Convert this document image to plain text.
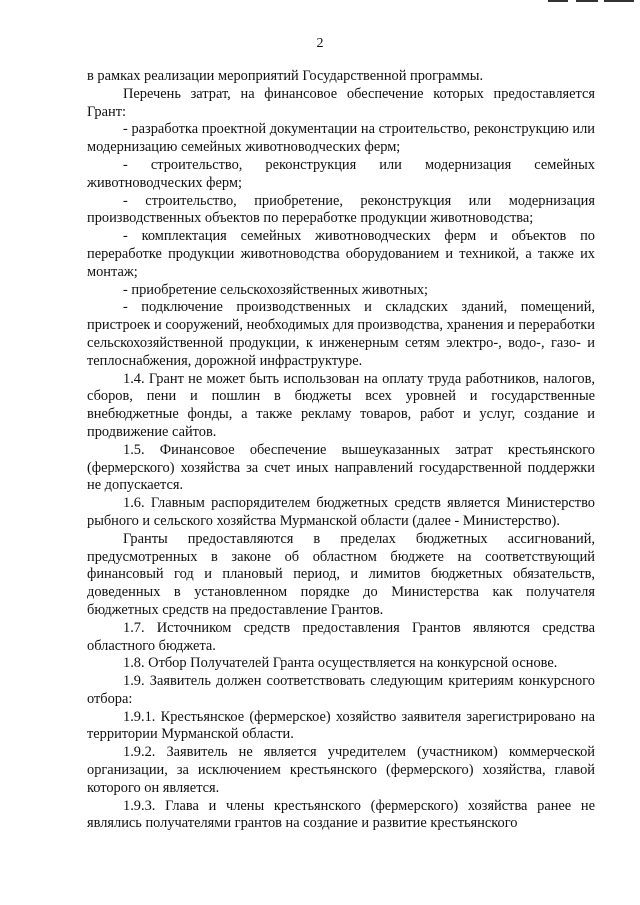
2

в рамках реализации мероприятий Государственной программы.

Перечень затрат, на финансовое обеспечение которых предоставляется Грант:

- разработка проектной документации на строительство, реконструкцию или модернизацию семейных животноводческих ферм;

- строительство, реконструкция или модернизация семейных животноводческих ферм;

- строительство, приобретение, реконструкция или модернизация производственных объектов по переработке продукции животноводства;

- комплектация семейных животноводческих ферм и объектов по переработке продукции животноводства оборудованием и техникой, а также их монтаж;

- приобретение сельскохозяйственных животных;

- подключение производственных и складских зданий, помещений, пристроек и сооружений, необходимых для производства, хранения и переработки сельскохозяйственной продукции, к инженерным сетям электро-, водо-, газо- и теплоснабжения, дорожной инфраструктуре.

1.4. Грант не может быть использован на оплату труда работников, налогов, сборов, пени и пошлин в бюджеты всех уровней и государственные внебюджетные фонды, а также рекламу товаров, работ и услуг, создание и продвижение сайтов.

1.5. Финансовое обеспечение вышеуказанных затрат крестьянского (фермерского) хозяйства за счет иных направлений государственной поддержки не допускается.

1.6. Главным распорядителем бюджетных средств является Министерство рыбного и сельского хозяйства Мурманской области (далее - Министерство).

Гранты предоставляются в пределах бюджетных ассигнований, предусмотренных в законе об областном бюджете на соответствующий финансовый год и плановый период, и лимитов бюджетных обязательств, доведенных в установленном порядке до Министерства как получателя бюджетных средств на предоставление Грантов.

1.7. Источником средств предоставления Грантов являются средства областного бюджета.

1.8. Отбор Получателей Гранта осуществляется на конкурсной основе.

1.9. Заявитель должен соответствовать следующим критериям конкурсного отбора:

1.9.1. Крестьянское (фермерское) хозяйство заявителя зарегистрировано на территории Мурманской области.

1.9.2. Заявитель не является учредителем (участником) коммерческой организации, за исключением крестьянского (фермерского) хозяйства, главой которого он является.

1.9.3. Глава и члены крестьянского (фермерского) хозяйства ранее не являлись получателями грантов на создание и развитие крестьянского
